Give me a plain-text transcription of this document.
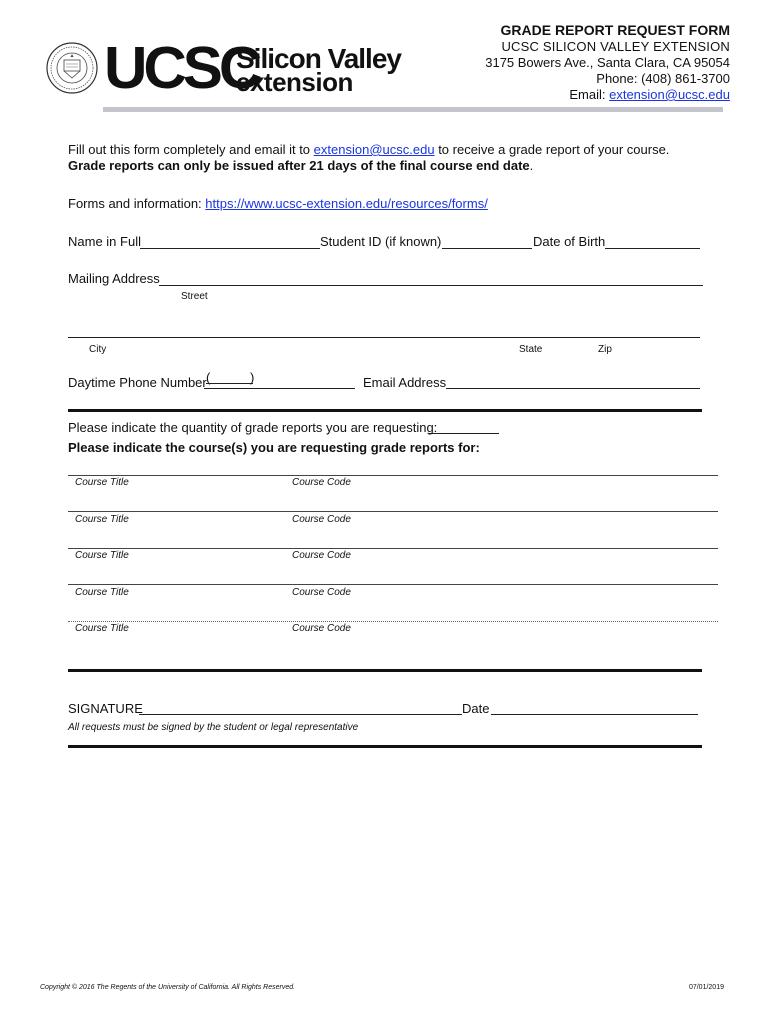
UCSC
Silicon Valley
extension
GRADE REPORT REQUEST FORM
UCSC SILICON VALLEY EXTENSION
3175 Bowers Ave., Santa Clara, CA 95054
Phone: (408) 861-3700
Email: extension@ucsc.edu
Fill out this form completely and email it to extension@ucsc.edu to receive a grade report of your course. Grade reports can only be issued after 21 days of the final course end date.
Forms and information: https://www.ucsc-extension.edu/resources/forms/
Name in Full	Student ID (if known)	Date of Birth
Mailing Address
Street
City	State	Zip
Daytime Phone Number (	)	Email Address
Please indicate the quantity of grade reports you are requesting:
Please indicate the course(s) you are requesting grade reports for:
Course Title	Course Code
Course Title	Course Code
Course Title	Course Code
Course Title	Course Code
Course Title	Course Code
SIGNATURE	Date
All requests must be signed by the student or legal representative
Copyright © 2016 The Regents of the University of California. All Rights Reserved.	07/01/2019
